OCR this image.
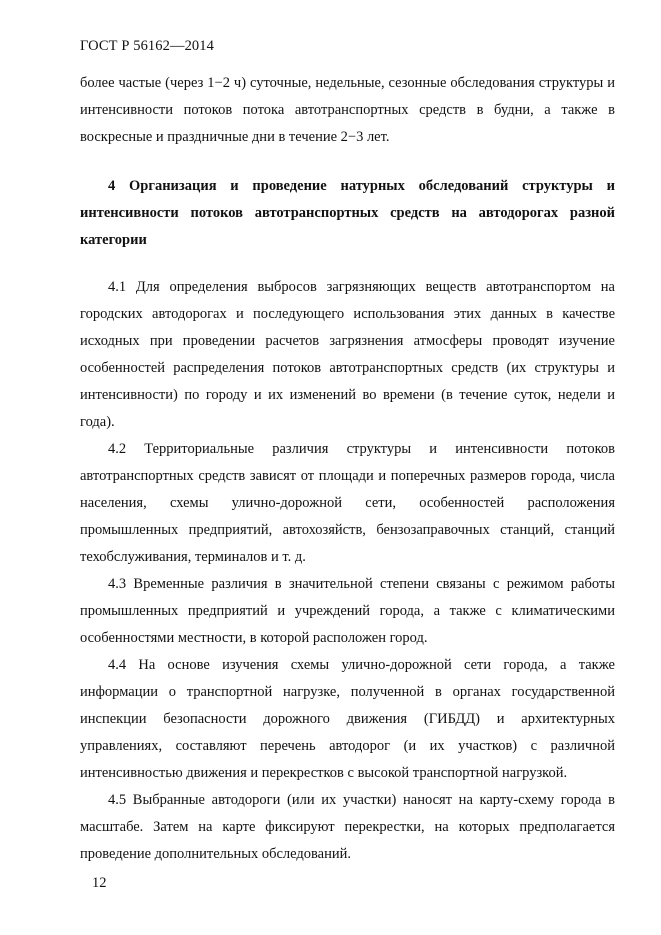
ГОСТ Р 56162—2014

более частые (через 1−2 ч) суточные, недельные, сезонные обследования структуры и интенсивности потоков потока автотранспортных средств в будни, а также в воскресные и праздничные дни в течение 2−3 лет.

4 Организация и проведение натурных обследований структуры и интенсивности потоков автотранспортных средств на автодорогах разной категории

4.1 Для определения выбросов загрязняющих веществ автотранспортом на городских автодорогах и последующего использования этих данных в качестве исходных при проведении расчетов загрязнения атмосферы проводят изучение особенностей распределения потоков автотранспортных средств (их структуры и интенсивности) по городу и их изменений во времени (в течение суток, недели и года).

4.2 Территориальные различия структуры и интенсивности потоков автотранспортных средств зависят от площади и поперечных размеров города, числа населения, схемы улично-дорожной сети, особенностей расположения промышленных предприятий, автохозяйств, бензозаправочных станций, станций техобслуживания, терминалов и т. д.

4.3 Временные различия в значительной степени связаны с режимом работы промышленных предприятий и учреждений города, а также с климатическими особенностями местности, в которой расположен город.

4.4 На основе изучения схемы улично-дорожной сети города, а также информации о транспортной нагрузке, полученной в органах государственной инспекции безопасности дорожного движения (ГИБДД) и архитектурных управлениях, составляют перечень автодорог (и их участков) с различной интенсивностью движения и перекрестков с высокой транспортной нагрузкой.

4.5 Выбранные автодороги (или их участки) наносят на карту-схему города в масштабе. Затем на карте фиксируют перекрестки, на которых предполагается проведение дополнительных обследований.

12
